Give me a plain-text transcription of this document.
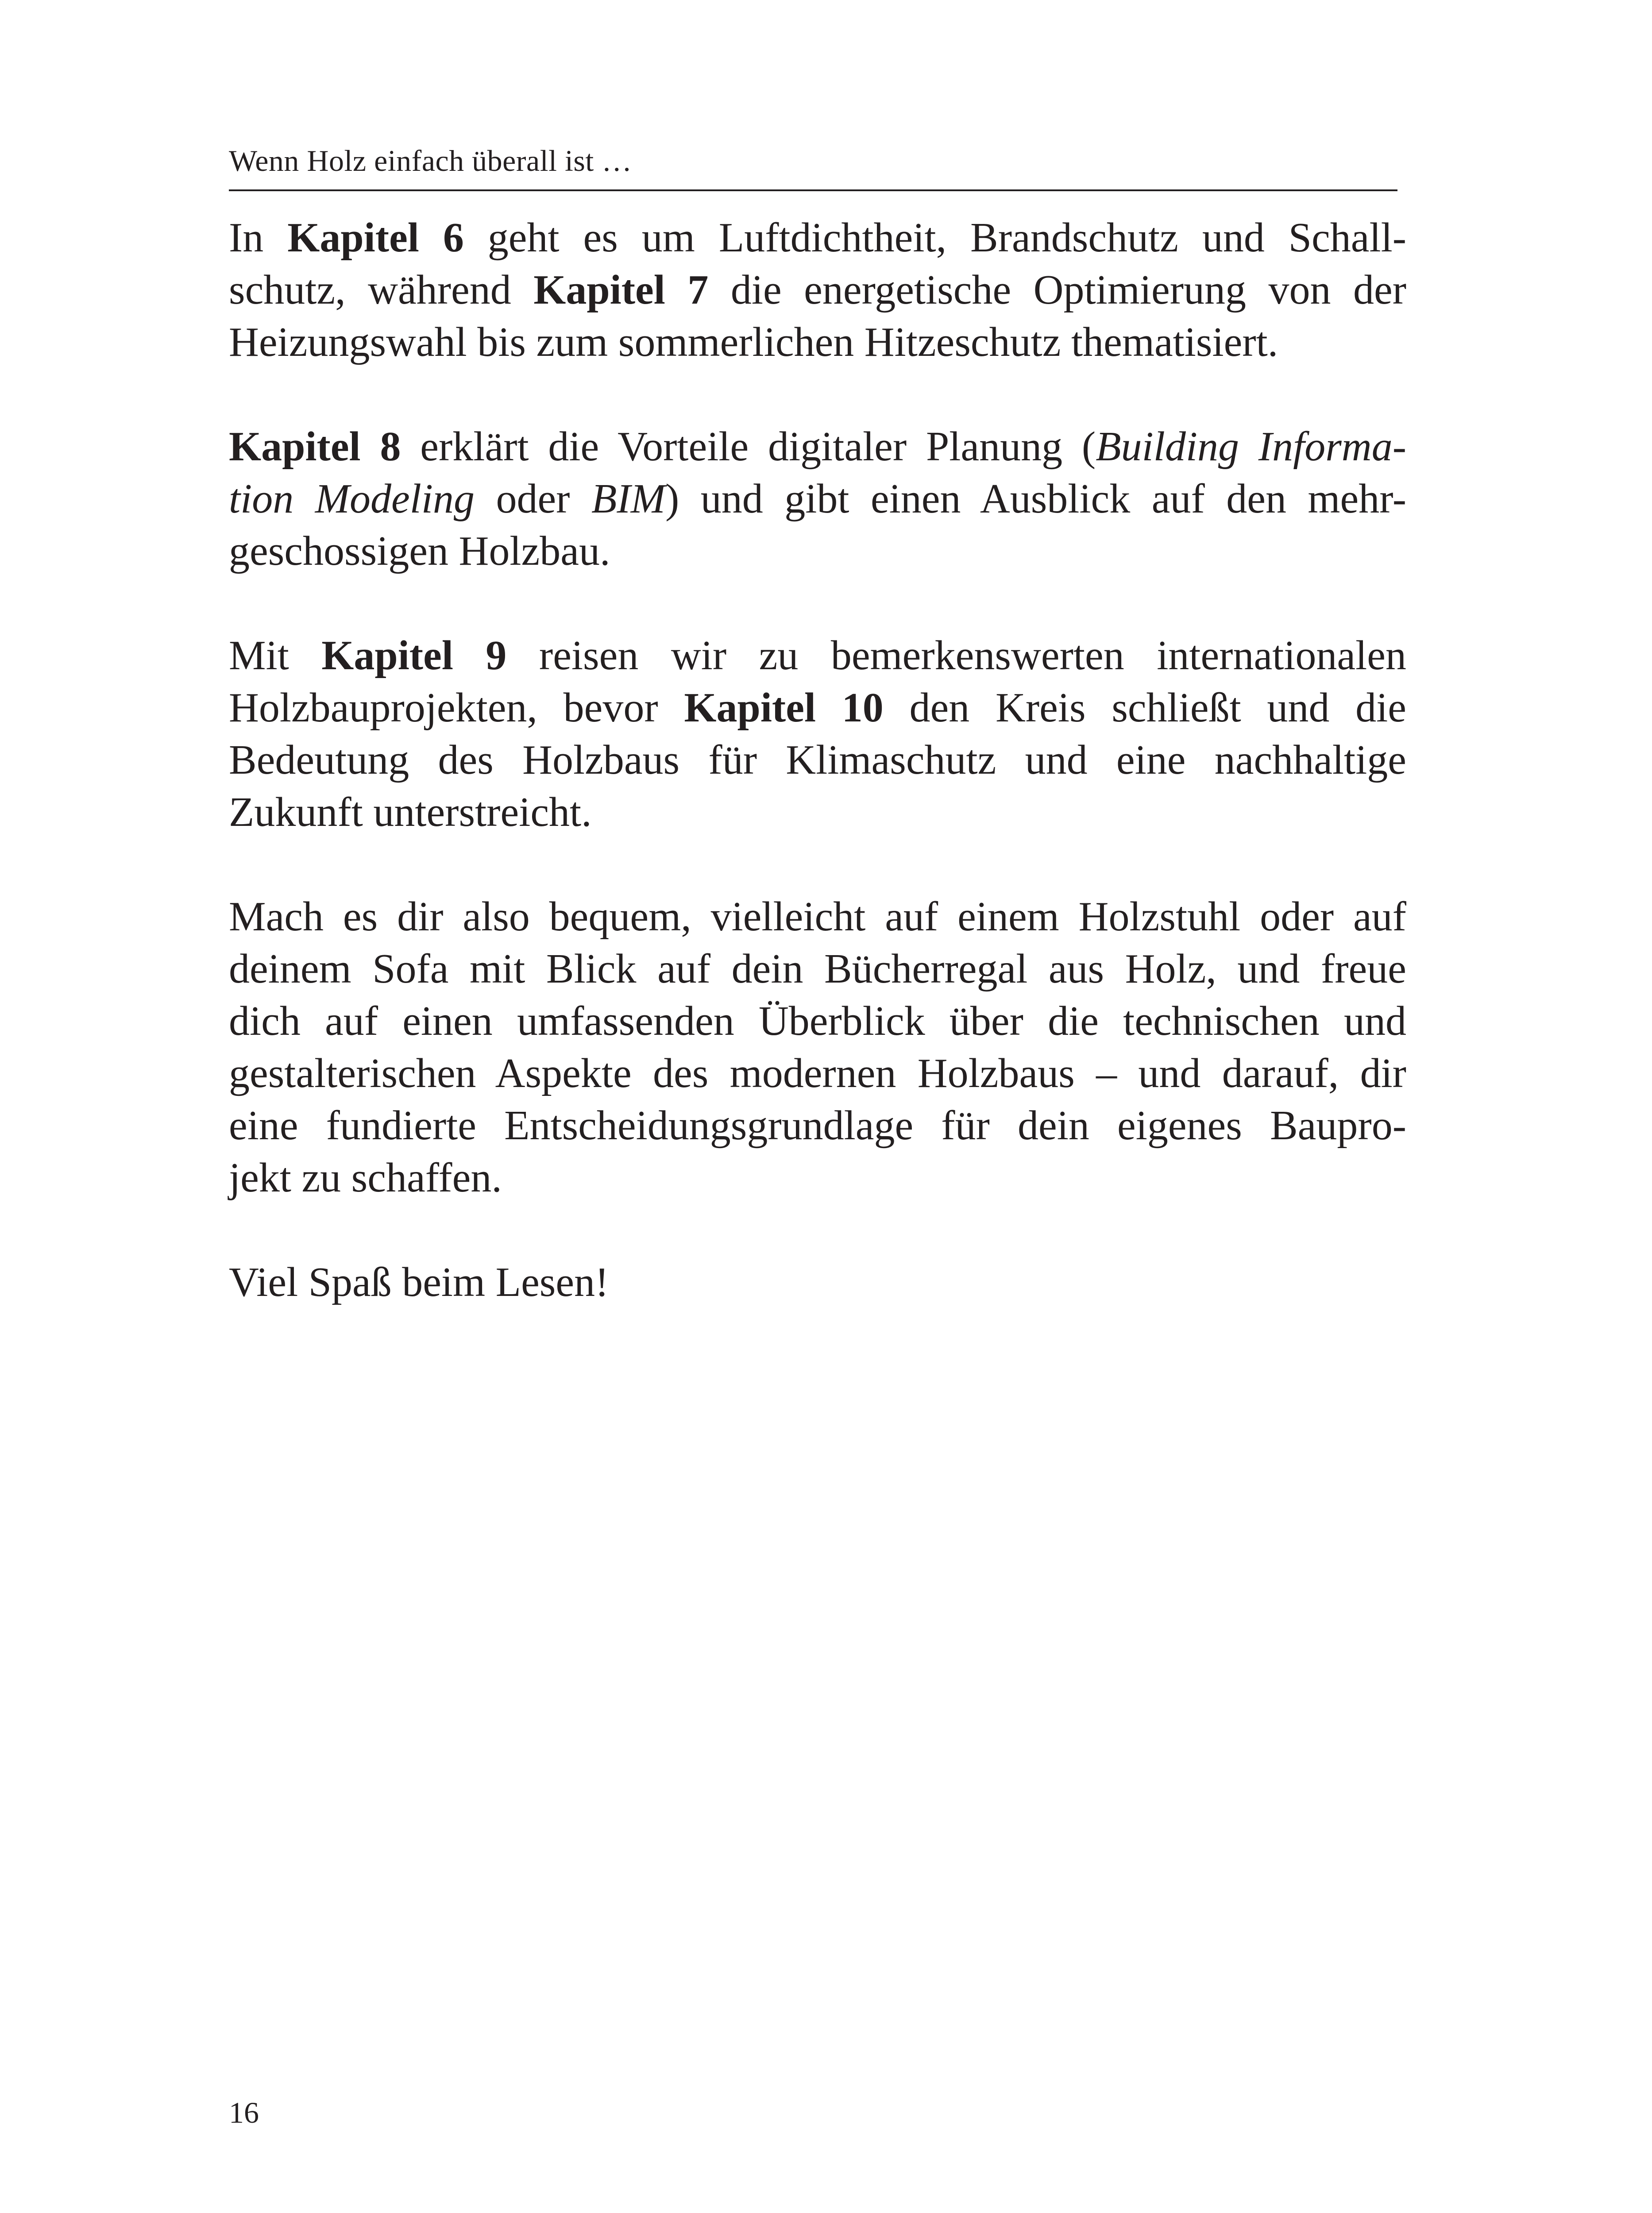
Wenn Holz einfach überall ist …
In Kapitel 6 geht es um Luftdichtheit, Brandschutz und Schall-
schutz, während Kapitel 7 die energetische Optimierung von der
Heizungswahl bis zum sommerlichen Hitzeschutz thematisiert.
Kapitel 8 erklärt die Vorteile digitaler Planung (Building Informa-
tion Modeling oder BIM) und gibt einen Ausblick auf den mehr-
geschossigen Holzbau.
Mit Kapitel 9 reisen wir zu bemerkenswerten internationalen
Holzbauprojekten, bevor Kapitel 10 den Kreis schließt und die
Bedeutung des Holzbaus für Klimaschutz und eine nachhaltige
Zukunft unterstreicht.
Mach es dir also bequem, vielleicht auf einem Holzstuhl oder auf
deinem Sofa mit Blick auf dein Bücherregal aus Holz, und freue
dich auf einen umfassenden Überblick über die technischen und
gestalterischen Aspekte des modernen Holzbaus – und darauf, dir
eine fundierte Entscheidungsgrundlage für dein eigenes Baupro-
jekt zu schaffen.
Viel Spaß beim Lesen!
16
